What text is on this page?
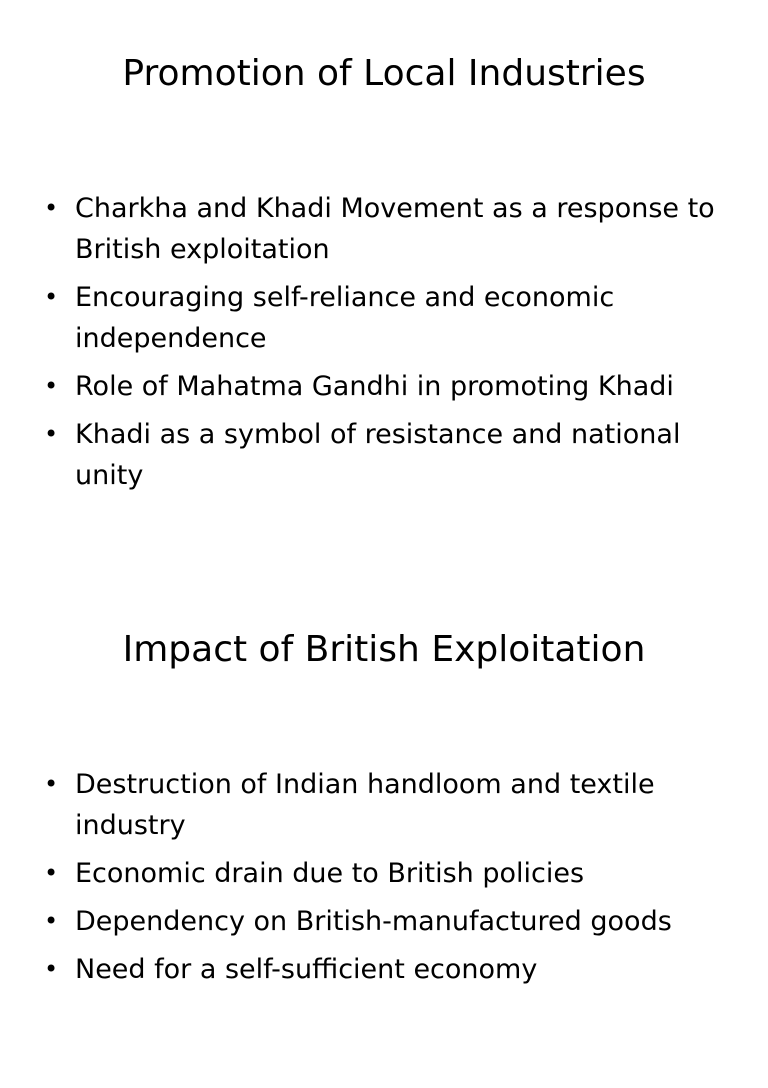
Promotion of Local Industries
• Charkha and Khadi Movement as a response to British exploitation
• Encouraging self-reliance and economic independence
• Role of Mahatma Gandhi in promoting Khadi
• Khadi as a symbol of resistance and national unity
Impact of British Exploitation
• Destruction of Indian handloom and textile industry
• Economic drain due to British policies
• Dependency on British-manufactured goods
• Need for a self-sufficient economy
